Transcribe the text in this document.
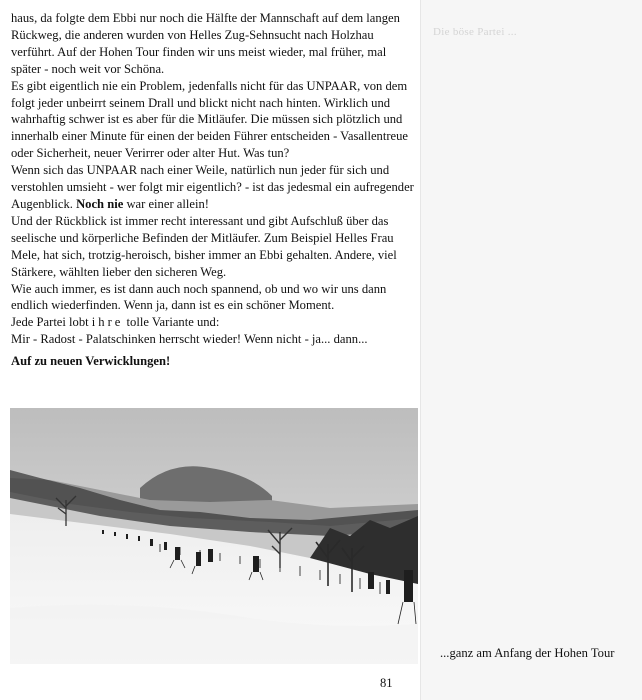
Die böse Partei ...

haus, da folgte dem Ebbi nur noch die Hälfte der Mannschaft auf dem langen Rückweg, die anderen wurden von Helles Zug-Sehnsucht nach Holzhau verführt. Auf der Hohen Tour finden wir uns meist wieder, mal früher, mal später - noch weit vor Schöna.

Es gibt eigentlich nie ein Problem, jedenfalls nicht für das UNPAAR, von dem folgt jeder unbeirrt seinem Drall und blickt nicht nach hinten. Wirklich und wahrhaftig schwer ist es aber für die Mitläufer. Die müssen sich plötzlich und innerhalb einer Minute für einen der beiden Führer entscheiden - Vasallentreue oder Sicherheit, neuer Verirrer oder alter Hut. Was tun?

Wenn sich das UNPAAR nach einer Weile, natürlich nun jeder für sich und verstohlen umsieht - wer folgt mir eigentlich? - ist das jedesmal ein aufregender Augenblick. Noch nie war einer allein!

Und der Rückblick ist immer recht interessant und gibt Aufschluß über das seelische und körperliche Befinden der Mitläufer. Zum Beispiel Helles Frau Mele, hat sich, trotzig-heroisch, bisher immer an Ebbi gehalten. Andere, viel Stärkere, wählten lieber den sicheren Weg.

Wie auch immer, es ist dann auch noch spannend, ob und wo wir uns dann endlich wiederfinden. Wenn ja, dann ist es ein schöner Moment.

Jede Partei lobt ihre tolle Variante und:

Mir - Radost - Palatschinken herrscht wieder! Wenn nicht - ja... dann...

Auf zu neuen Verwicklungen!
...ganz am Anfang der Hohen Tour
81
